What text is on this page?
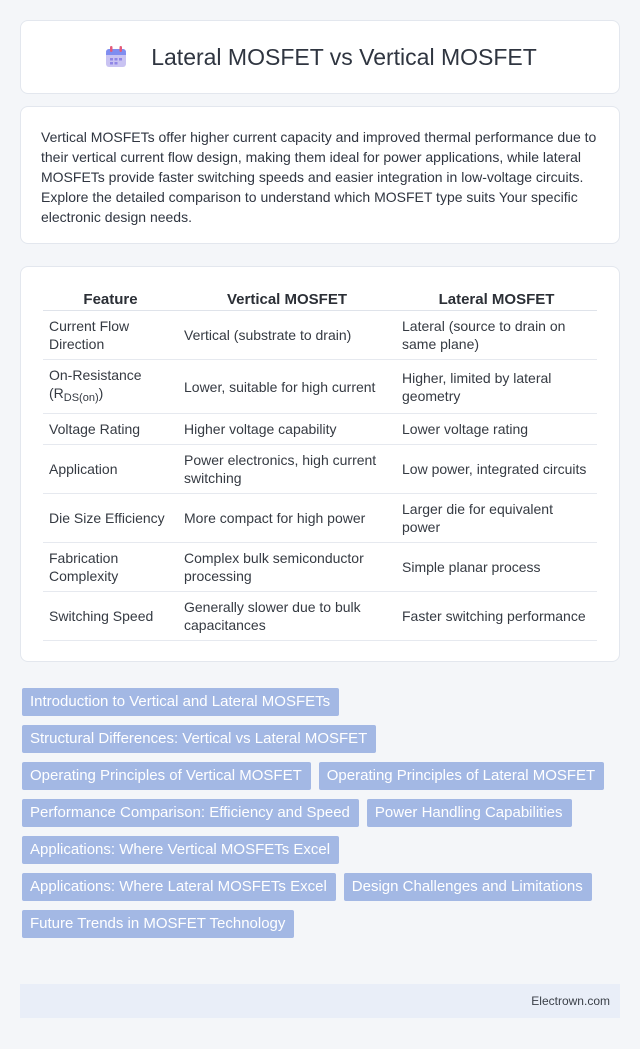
Lateral MOSFET vs Vertical MOSFET

Vertical MOSFETs offer higher current capacity and improved thermal performance due to their vertical current flow design, making them ideal for power applications, while lateral MOSFETs provide faster switching speeds and easier integration in low-voltage circuits. Explore the detailed comparison to understand which MOSFET type suits Your specific electronic design needs.

Feature	Vertical MOSFET	Lateral MOSFET
Current Flow Direction	Vertical (substrate to drain)	Lateral (source to drain on same plane)
On-Resistance $(R_{DS(on)})$	Lower, suitable for high current	Higher, limited by lateral geometry
Voltage Rating	Higher voltage capability	Lower voltage rating
Application	Power electronics, high current switching	Low power, integrated circuits
Die Size Efficiency	More compact for high power	Larger die for equivalent power
Fabrication Complexity	Complex bulk semiconductor processing	Simple planar process
Switching Speed	Generally slower due to bulk capacitances	Faster switching performance
Introduction to Vertical and Lateral MOSFETs
Structural Differences: Vertical vs Lateral MOSFET
Operating Principles of Vertical MOSFET	Operating Principles of Lateral MOSFET
Performance Comparison: Efficiency and Speed	Power Handling Capabilities
Applications: Where Vertical MOSFETs Excel
Applications: Where Lateral MOSFETs Excel	Design Challenges and Limitations
Future Trends in MOSFET Technology
Electrown.com
